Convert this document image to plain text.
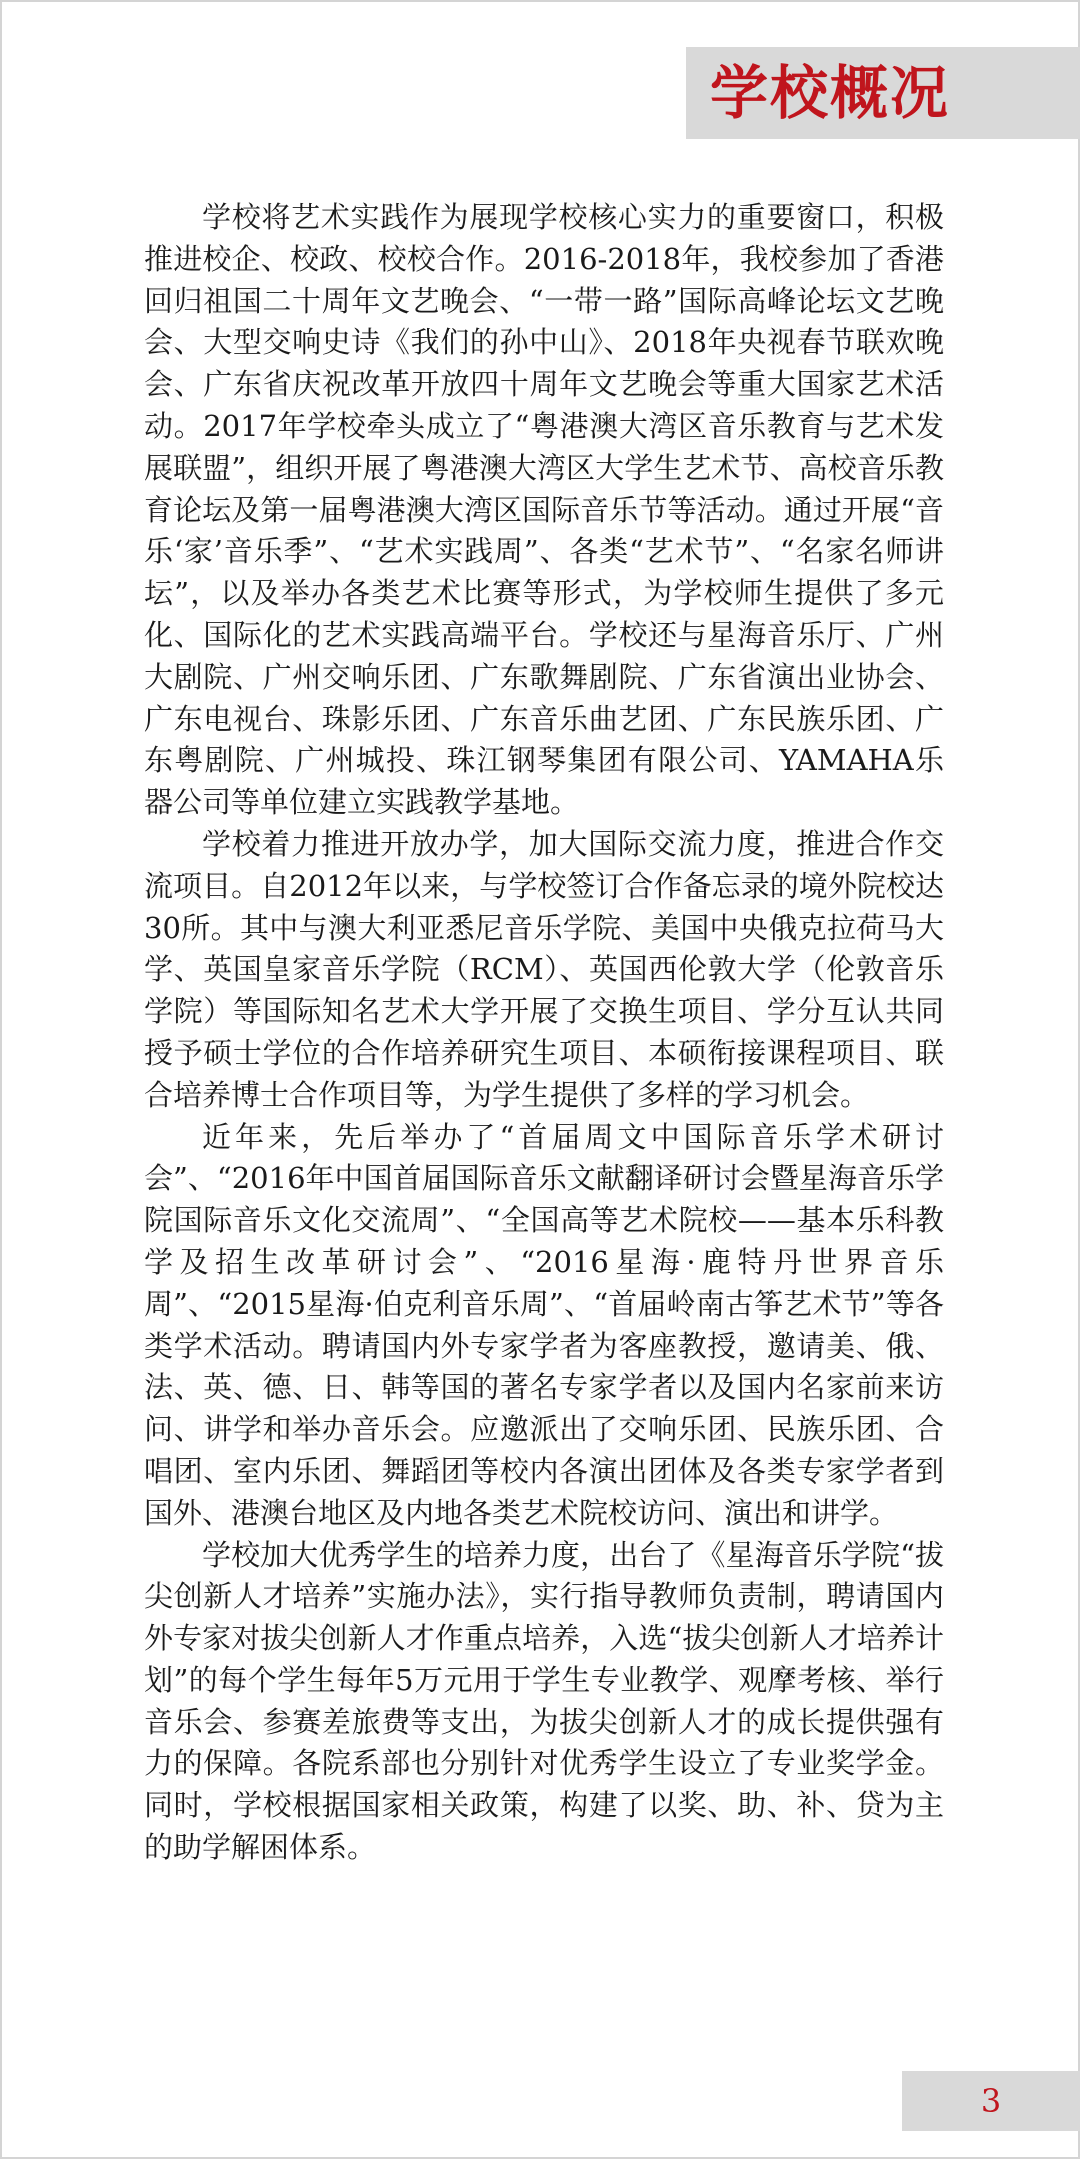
学校概况

学校将艺术实践作为展现学校核心实力的重要窗口，积极推进校企、校政、校校合作。2016-2018年，我校参加了香港回归祖国二十周年文艺晚会、“一带一路”国际高峰论坛文艺晚会、大型交响史诗《我们的孙中山》、2018年央视春节联欢晚会、广东省庆祝改革开放四十周年文艺晚会等重大国家艺术活动。2017年学校牵头成立了“粤港澳大湾区音乐教育与艺术发展联盟”，组织开展了粤港澳大湾区大学生艺术节、高校音乐教育论坛及第一届粤港澳大湾区国际音乐节等活动。通过开展“音乐‘家’音乐季”、“艺术实践周”、各类“艺术节”、“名家名师讲坛”，以及举办各类艺术比赛等形式，为学校师生提供了多元化、国际化的艺术实践高端平台。学校还与星海音乐厅、广州大剧院、广州交响乐团、广东歌舞剧院、广东省演出业协会、广东电视台、珠影乐团、广东音乐曲艺团、广东民族乐团、广东粤剧院、广州城投、珠江钢琴集团有限公司、YAMAHA乐器公司等单位建立实践教学基地。

学校着力推进开放办学，加大国际交流力度，推进合作交流项目。自2012年以来，与学校签订合作备忘录的境外院校达30所。其中与澳大利亚悉尼音乐学院、美国中央俄克拉荷马大学、英国皇家音乐学院（RCM）、英国西伦敦大学（伦敦音乐学院）等国际知名艺术大学开展了交换生项目、学分互认共同授予硕士学位的合作培养研究生项目、本硕衔接课程项目、联合培养博士合作项目等，为学生提供了多样的学习机会。

近年来，先后举办了“首届周文中国际音乐学术研讨会”、“2016年中国首届国际音乐文献翻译研讨会暨星海音乐学院国际音乐文化交流周”、“全国高等艺术院校——基本乐科教学及招生改革研讨会”、“2016星海·鹿特丹世界音乐周”、“2015星海·伯克利音乐周”、“首届岭南古筝艺术节”等各类学术活动。聘请国内外专家学者为客座教授，邀请美、俄、法、英、德、日、韩等国的著名专家学者以及国内名家前来访问、讲学和举办音乐会。应邀派出了交响乐团、民族乐团、合唱团、室内乐团、舞蹈团等校内各演出团体及各类专家学者到国外、港澳台地区及内地各类艺术院校访问、演出和讲学。

学校加大优秀学生的培养力度，出台了《星海音乐学院“拔尖创新人才培养”实施办法》，实行指导教师负责制，聘请国内外专家对拔尖创新人才作重点培养，入选“拔尖创新人才培养计划”的每个学生每年5万元用于学生专业教学、观摩考核、举行音乐会、参赛差旅费等支出，为拔尖创新人才的成长提供强有力的保障。各院系部也分别针对优秀学生设立了专业奖学金。同时，学校根据国家相关政策，构建了以奖、助、补、贷为主的助学解困体系。

3
